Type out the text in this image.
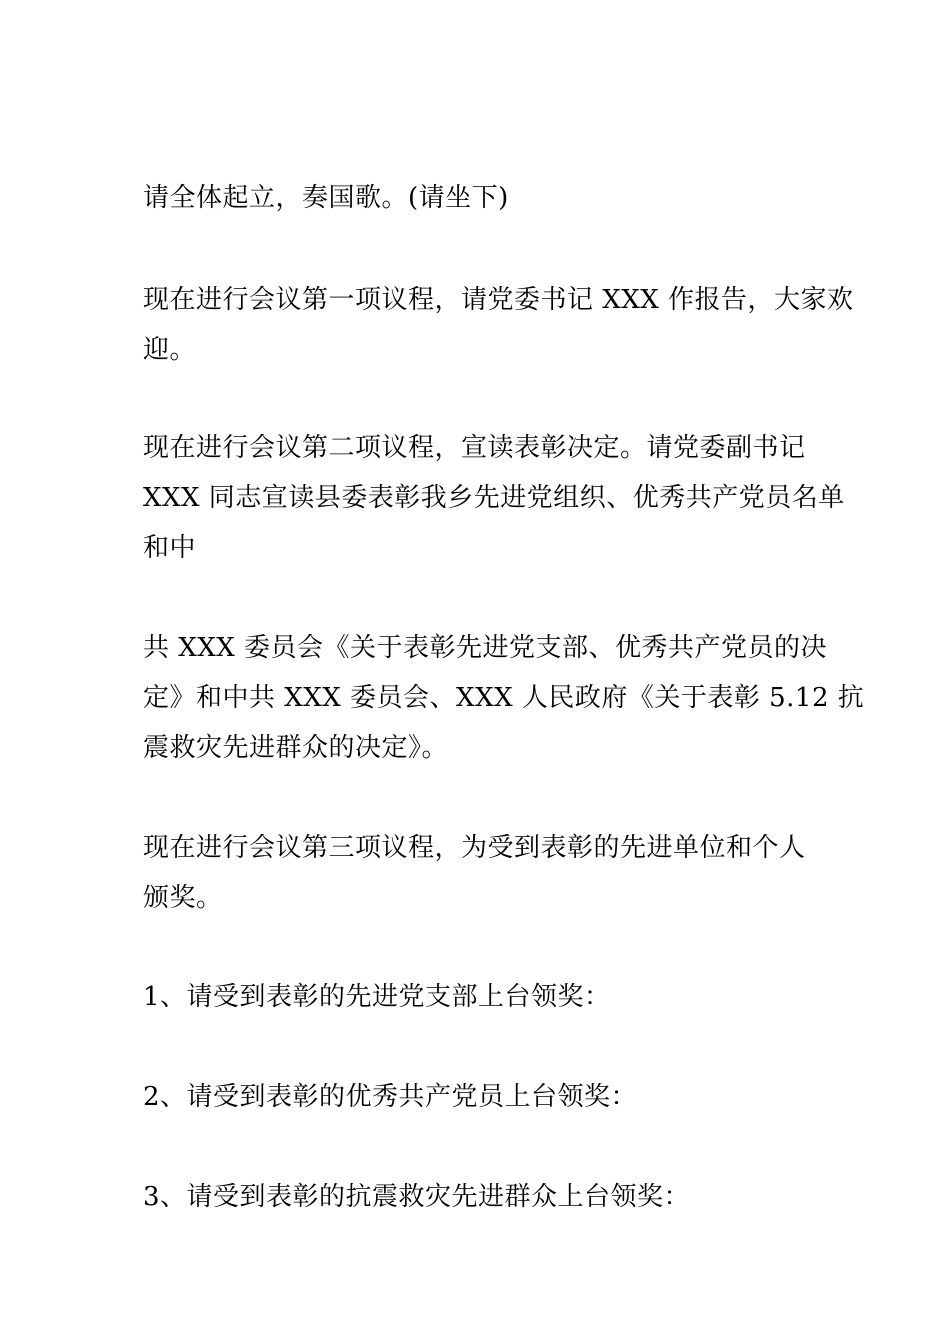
请全体起立，奏国歌。(请坐下)

现在进行会议第一项议程，请党委书记 XXX 作报告，大家欢
迎。

现在进行会议第二项议程，宣读表彰决定。请党委副书记
XXX 同志宣读县委表彰我乡先进党组织、优秀共产党员名单
和中

共 XXX 委员会《关于表彰先进党支部、优秀共产党员的决
定》和中共 XXX 委员会、XXX 人民政府《关于表彰 5.12 抗
震救灾先进群众的决定》。

现在进行会议第三项议程，为受到表彰的先进单位和个人
颁奖。

1、请受到表彰的先进党支部上台领奖：

2、请受到表彰的优秀共产党员上台领奖：

3、请受到表彰的抗震救灾先进群众上台领奖：
